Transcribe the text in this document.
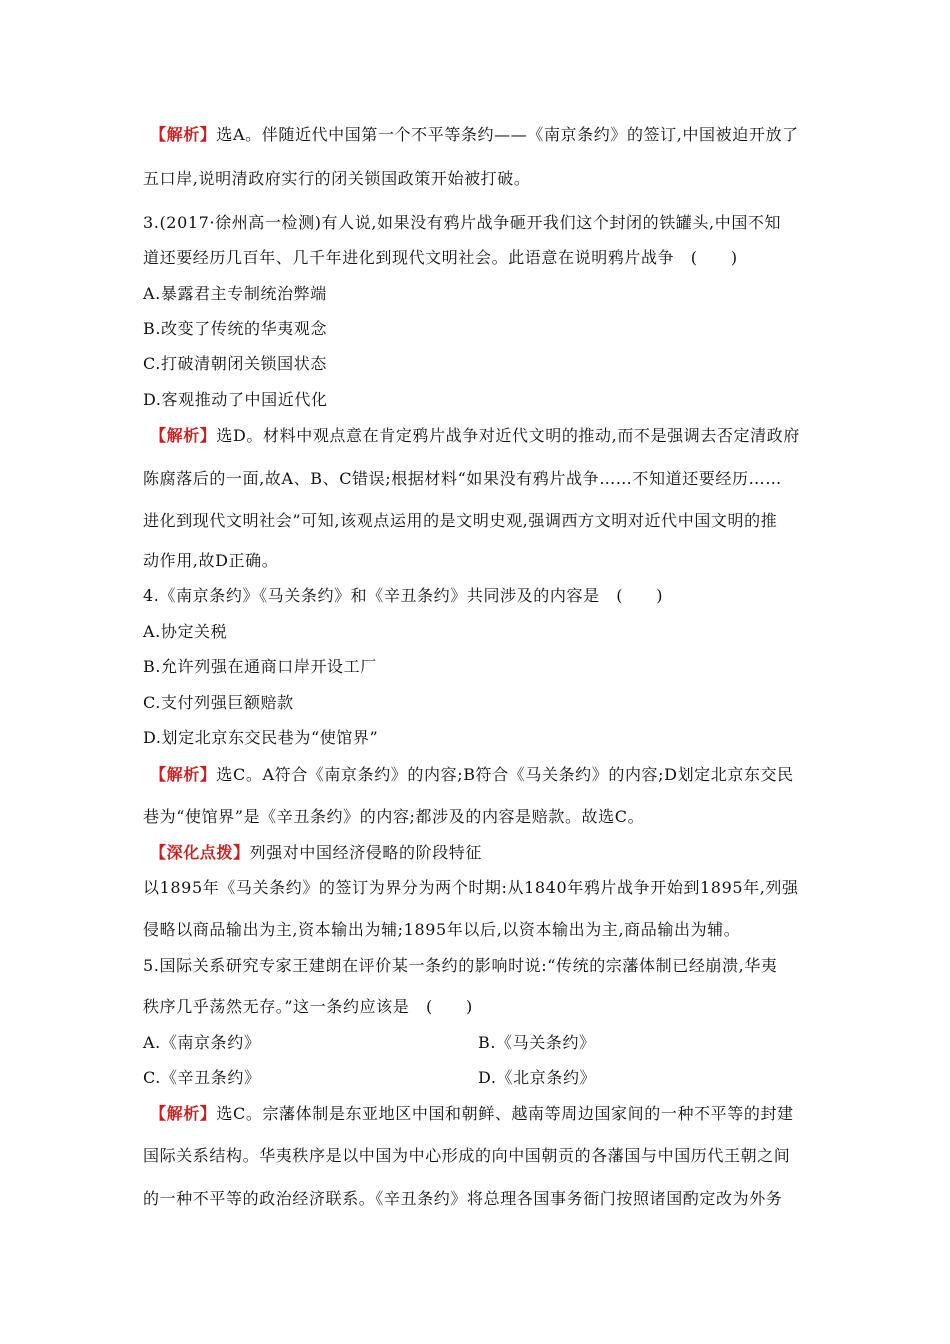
【解析】选A。伴随近代中国第一个不平等条约——《南京条约》的签订,中国被迫开放了
五口岸,说明清政府实行的闭关锁国政策开始被打破。
3.(2017·徐州高一检测)有人说,如果没有鸦片战争砸开我们这个封闭的铁罐头,中国不知
道还要经历几百年、几千年进化到现代文明社会。此语意在说明鸦片战争　(　　)
A.暴露君主专制统治弊端
B.改变了传统的华夷观念
C.打破清朝闭关锁国状态
D.客观推动了中国近代化
【解析】选D。材料中观点意在肯定鸦片战争对近代文明的推动,而不是强调去否定清政府
陈腐落后的一面,故A、B、C错误;根据材料“如果没有鸦片战争……不知道还要经历……
进化到现代文明社会”可知,该观点运用的是文明史观,强调西方文明对近代中国文明的推
动作用,故D正确。
4.《南京条约》《马关条约》和《辛丑条约》共同涉及的内容是　(　　)
A.协定关税
B.允许列强在通商口岸开设工厂
C.支付列强巨额赔款
D.划定北京东交民巷为“使馆界”
【解析】选C。A符合《南京条约》的内容;B符合《马关条约》的内容;D划定北京东交民
巷为“使馆界”是《辛丑条约》的内容;都涉及的内容是赔款。故选C。
【深化点拨】列强对中国经济侵略的阶段特征
以1895年《马关条约》的签订为界分为两个时期:从1840年鸦片战争开始到1895年,列强
侵略以商品输出为主,资本输出为辅;1895年以后,以资本输出为主,商品输出为辅。
5.国际关系研究专家王建朗在评价某一条约的影响时说:“传统的宗藩体制已经崩溃,华夷
秩序几乎荡然无存。”这一条约应该是　(　　)
A.《南京条约》	B.《马关条约》
C.《辛丑条约》	D.《北京条约》
【解析】选C。宗藩体制是东亚地区中国和朝鲜、越南等周边国家间的一种不平等的封建
国际关系结构。华夷秩序是以中国为中心形成的向中国朝贡的各藩国与中国历代王朝之间
的一种不平等的政治经济联系。《辛丑条约》将总理各国事务衙门按照诸国酌定改为外务
